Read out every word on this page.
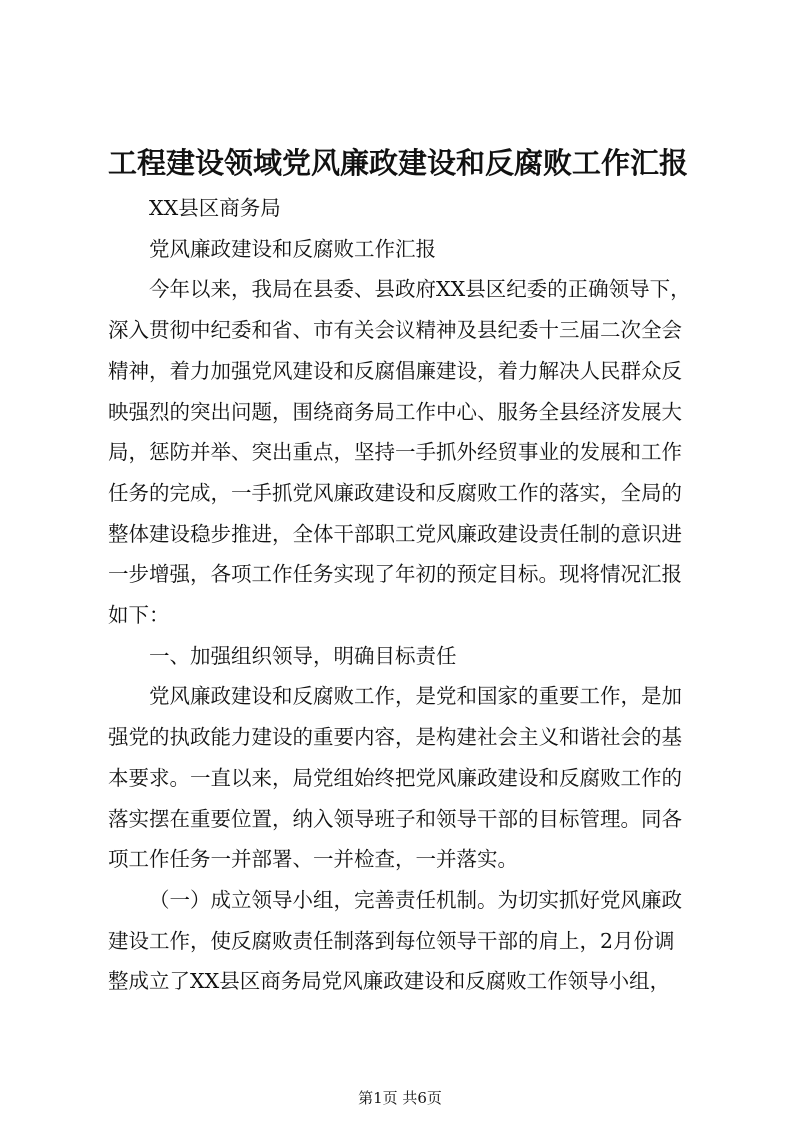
工程建设领域党风廉政建设和反腐败工作汇报
XX县区商务局
党风廉政建设和反腐败工作汇报
今年以来，我局在县委、县政府XX县区纪委的正确领导下，
深入贯彻中纪委和省、市有关会议精神及县纪委十三届二次全会
精神，着力加强党风建设和反腐倡廉建设，着力解决人民群众反
映强烈的突出问题，围绕商务局工作中心、服务全县经济发展大
局，惩防并举、突出重点，坚持一手抓外经贸事业的发展和工作
任务的完成，一手抓党风廉政建设和反腐败工作的落实，全局的
整体建设稳步推进，全体干部职工党风廉政建设责任制的意识进
一步增强，各项工作任务实现了年初的预定目标。现将情况汇报
如下：
一、加强组织领导，明确目标责任
党风廉政建设和反腐败工作，是党和国家的重要工作，是加
强党的执政能力建设的重要内容，是构建社会主义和谐社会的基
本要求。一直以来，局党组始终把党风廉政建设和反腐败工作的
落实摆在重要位置，纳入领导班子和领导干部的目标管理。同各
项工作任务一并部署、一并检查，一并落实。
（一）成立领导小组，完善责任机制。为切实抓好党风廉政
建设工作，使反腐败责任制落到每位领导干部的肩上，2月份调
整成立了XX县区商务局党风廉政建设和反腐败工作领导小组，
第1页 共6页
